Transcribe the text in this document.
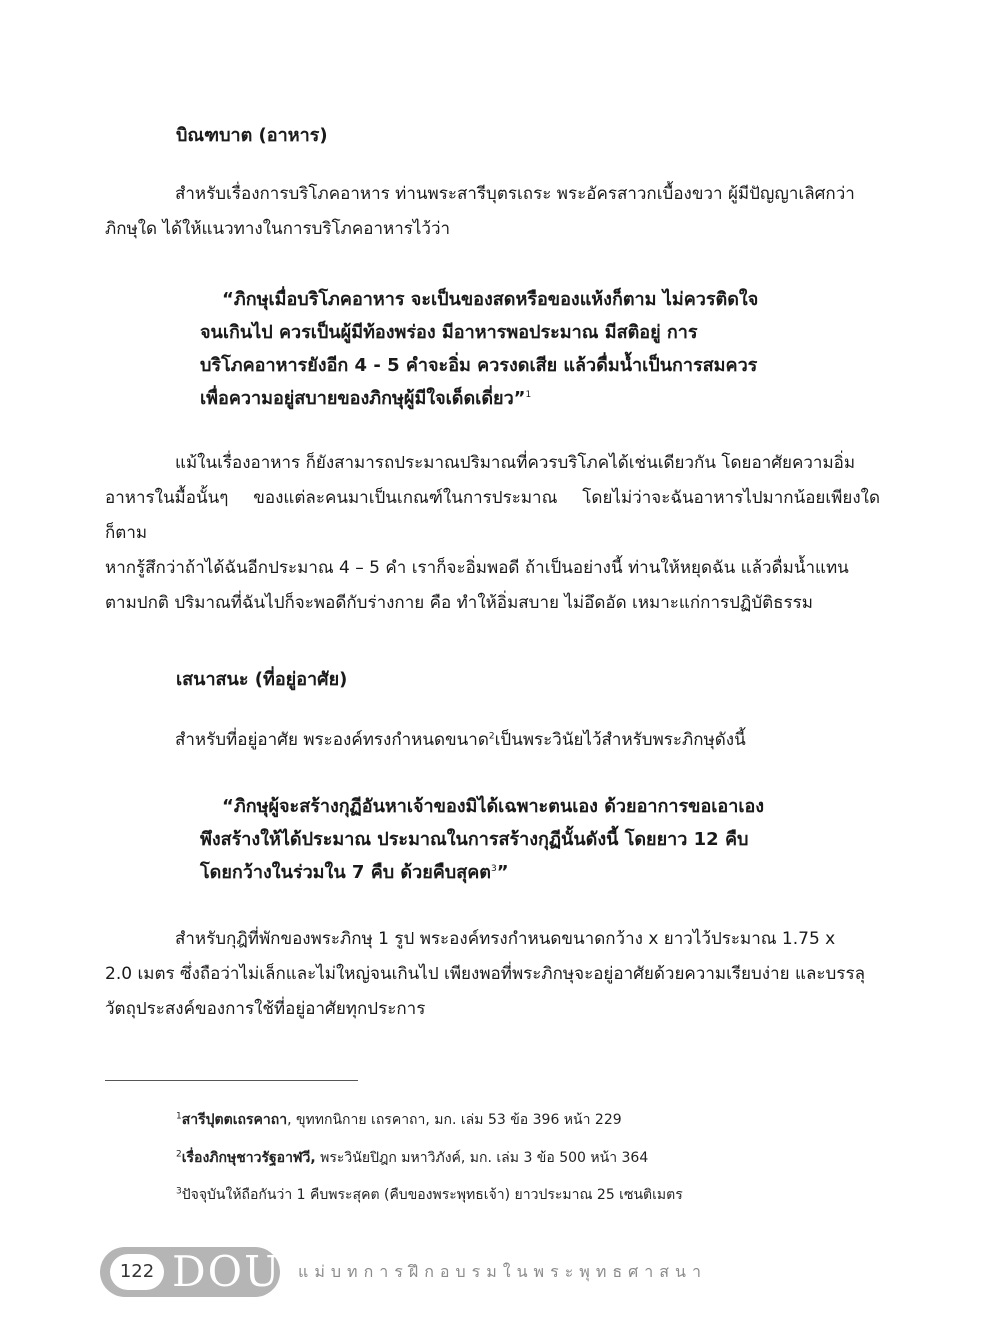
บิณฑบาต (อาหาร)

สำหรับเรื่องการบริโภคอาหาร ท่านพระสารีบุตรเถระ พระอัครสาวกเบื้องขวา ผู้มีปัญญาเลิศกว่า
ภิกษุใด ได้ให้แนวทางในการบริโภคอาหารไว้ว่า

“ภิกษุเมื่อบริโภคอาหาร จะเป็นของสดหรือของแห้งก็ตาม ไม่ควรติดใจ
จนเกินไป ควรเป็นผู้มีท้องพร่อง มีอาหารพอประมาณ มีสติอยู่ การ
บริโภคอาหารยังอีก 4 - 5 คำจะอิ่ม ควรงดเสีย แล้วดื่มน้ำเป็นการสมควร
เพื่อความอยู่สบายของภิกษุผู้มีใจเด็ดเดี่ยว”$^1$

แม้ในเรื่องอาหาร ก็ยังสามารถประมาณปริมาณที่ควรบริโภคได้เช่นเดียวกัน โดยอาศัยความอิ่ม
อาหารในมื้อนั้นๆ ของแต่ละคนมาเป็นเกณฑ์ในการประมาณ โดยไม่ว่าจะฉันอาหารไปมากน้อยเพียงใดก็ตาม
หากรู้สึกว่าถ้าได้ฉันอีกประมาณ 4 – 5 คำ เราก็จะอิ่มพอดี ถ้าเป็นอย่างนี้ ท่านให้หยุดฉัน แล้วดื่มน้ำแทน
ตามปกติ ปริมาณที่ฉันไปก็จะพอดีกับร่างกาย คือ ทำให้อิ่มสบาย ไม่อึดอัด เหมาะแก่การปฏิบัติธรรม

เสนาสนะ (ที่อยู่อาศัย)

สำหรับที่อยู่อาศัย พระองค์ทรงกำหนดขนาด$^2$เป็นพระวินัยไว้สำหรับพระภิกษุดังนี้

“ภิกษุผู้จะสร้างกุฏีอันหาเจ้าของมิได้เฉพาะตนเอง ด้วยอาการขอเอาเอง
พึงสร้างให้ได้ประมาณ ประมาณในการสร้างกุฏีนั้นดังนี้ โดยยาว 12 คืบ
โดยกว้างในร่วมใน 7 คืบ ด้วยคืบสุคต$^3$”

สำหรับกุฎิที่พักของพระภิกษุ 1 รูป พระองค์ทรงกำหนดขนาดกว้าง x ยาวไว้ประมาณ 1.75 x
2.0 เมตร ซึ่งถือว่าไม่เล็กและไม่ใหญ่จนเกินไป เพียงพอที่พระภิกษุจะอยู่อาศัยด้วยความเรียบง่าย และบรรลุ
วัตถุประสงค์ของการใช้ที่อยู่อาศัยทุกประการ

$^1$สารีปุตตเถรคาถา, ขุททกนิกาย เถรคาถา, มก. เล่ม 53 ข้อ 396 หน้า 229

$^2$เรื่องภิกษุชาวรัฐอาฬวี, พระวินัยปิฎก มหาวิภังค์, มก. เล่ม 3 ข้อ 500 หน้า 364

$^3$ปัจจุบันให้ถือกันว่า 1 คืบพระสุคต (คืบของพระพุทธเจ้า) ยาวประมาณ 25 เซนติเมตร

122 DOU แม่บทการฝึกอบรมในพระพุทธศาสนา
